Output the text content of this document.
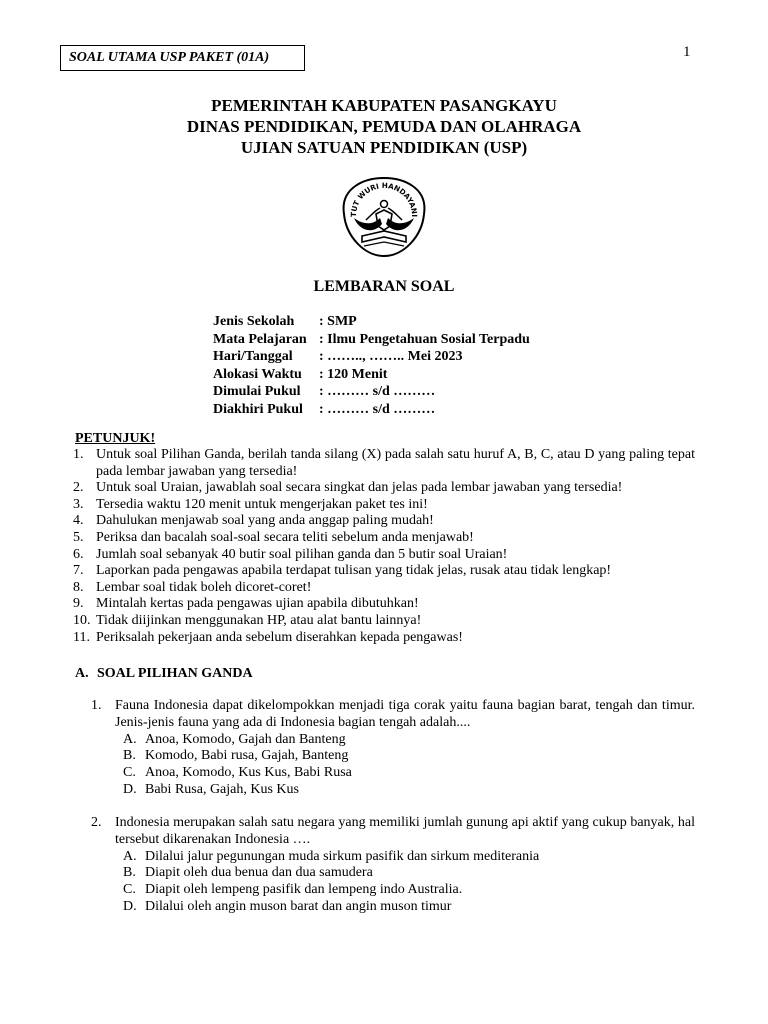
SOAL UTAMA USP PAKET (01A)	1
PEMERINTAH KABUPATEN PASANGKAYU
DINAS PENDIDIKAN, PEMUDA DAN OLAHRAGA
UJIAN SATUAN PENDIDIKAN (USP)
TUT WURI HANDAYANI
LEMBARAN SOAL
Jenis Sekolah	: SMP
Mata Pelajaran : Ilmu Pengetahuan Sosial Terpadu
Hari/Tanggal	: …….., …….. Mei 2023
Alokasi Waktu	: 120 Menit
Dimulai Pukul	: ……… s/d ………
Diakhiri Pukul	: ……… s/d ………
PETUNJUK!
1. Untuk soal Pilihan Ganda, berilah tanda silang (X) pada salah satu huruf A, B, C, atau D yang paling tepat pada lembar jawaban yang tersedia!
2. Untuk soal Uraian, jawablah soal secara singkat dan jelas pada lembar jawaban yang tersedia!
3. Tersedia waktu 120 menit untuk mengerjakan paket tes ini!
4. Dahulukan menjawab soal yang anda anggap paling mudah!
5. Periksa dan bacalah soal-soal secara teliti sebelum anda menjawab!
6. Jumlah soal sebanyak 40 butir soal pilihan ganda dan 5 butir soal Uraian!
7. Laporkan pada pengawas apabila terdapat tulisan yang tidak jelas, rusak atau tidak lengkap!
8. Lembar soal tidak boleh dicoret-coret!
9. Mintalah kertas pada pengawas ujian apabila dibutuhkan!
10. Tidak diijinkan menggunakan HP, atau alat bantu lainnya!
11. Periksalah pekerjaan anda sebelum diserahkan kepada pengawas!
A. SOAL PILIHAN GANDA
1. Fauna Indonesia dapat dikelompokkan menjadi tiga corak yaitu fauna bagian barat, tengah dan timur. Jenis-jenis fauna yang ada di Indonesia bagian tengah adalah....
A. Anoa, Komodo, Gajah dan Banteng
B. Komodo, Babi rusa, Gajah, Banteng
C. Anoa, Komodo, Kus Kus, Babi Rusa
D. Babi Rusa, Gajah, Kus Kus
2. Indonesia merupakan salah satu negara yang memiliki jumlah gunung api aktif yang cukup banyak, hal tersebut dikarenakan Indonesia ….
A. Dilalui jalur pegunungan muda sirkum pasifik dan sirkum mediterania
B. Diapit oleh dua benua dan dua samudera
C. Diapit oleh lempeng pasifik dan lempeng indo Australia.
D. Dilalui oleh angin muson barat dan angin muson timur
